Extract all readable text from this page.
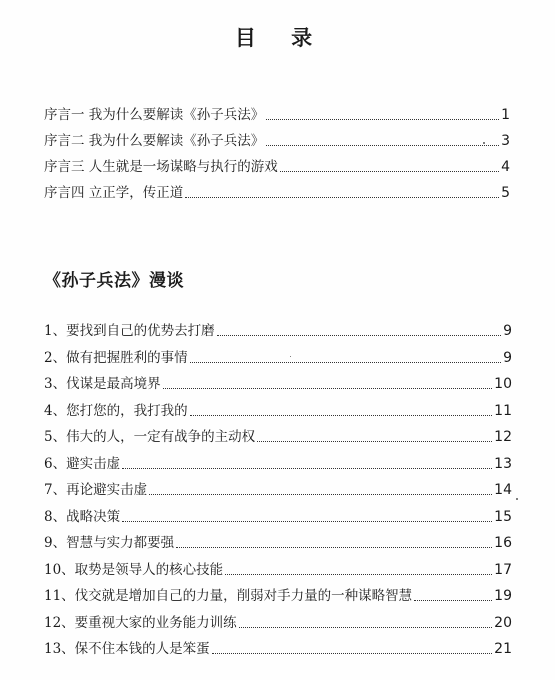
目 录
序言一 我为什么要解读《孙子兵法》	1
序言二 我为什么要解读《孙子兵法》	3
序言三 人生就是一场谋略与执行的游戏	4
序言四 立正学，传正道	5
《孙子兵法》漫谈
1、要找到自己的优势去打磨	9
2、做有把握胜利的事情	9
3、伐谋是最高境界	10
4、您打您的，我打我的	11
5、伟大的人，一定有战争的主动权	12
6、避实击虚	13
7、再论避实击虚	14
8、战略决策	15
9、智慧与实力都要强	16
10、取势是领导人的核心技能	17
11、伐交就是增加自己的力量，削弱对手力量的一种谋略智慧	19
12、要重视大家的业务能力训练	20
13、保不住本钱的人是笨蛋	21
